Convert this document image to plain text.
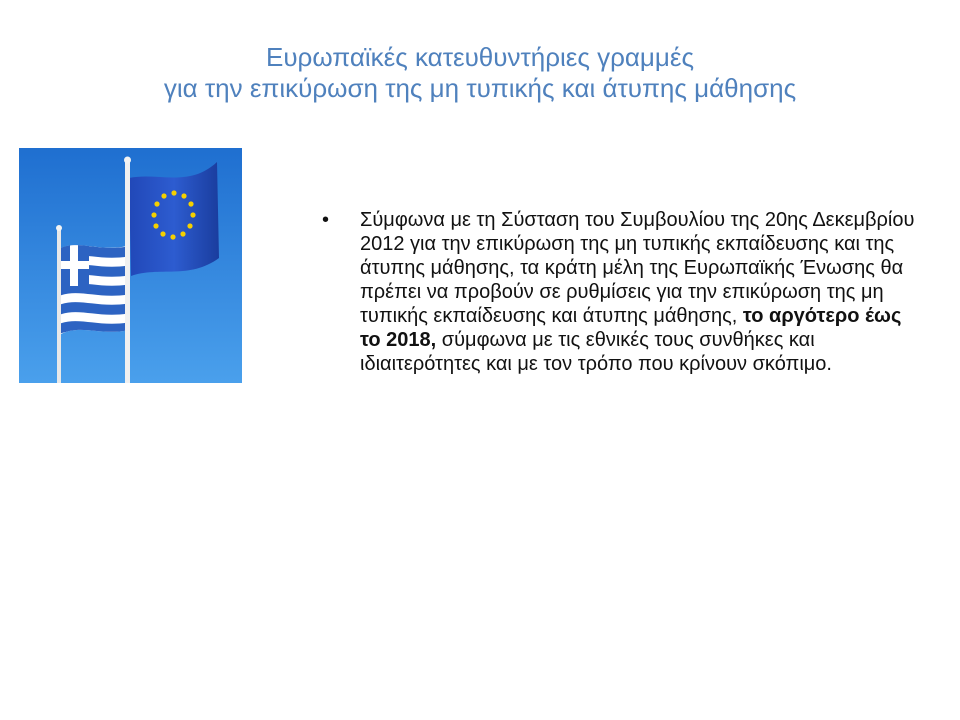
Ευρωπαϊκές κατευθυντήριες γραμμές
για την επικύρωση της μη τυπικής και άτυπης μάθησης
•	Σύμφωνα με τη Σύσταση του Συμβουλίου της 20ης Δεκεμβρίου 2012 για την επικύρωση της μη τυπικής εκπαίδευσης και της άτυπης μάθησης, τα κράτη μέλη της Ευρωπαϊκής Ένωσης θα πρέπει να προβούν σε ρυθμίσεις για την επικύρωση της μη τυπικής εκπαίδευσης και άτυπης μάθησης, το αργότερο έως το 2018, σύμφωνα με τις εθνικές τους συνθήκες και ιδιαιτερότητες και με τον τρόπο που κρίνουν σκόπιμο.
